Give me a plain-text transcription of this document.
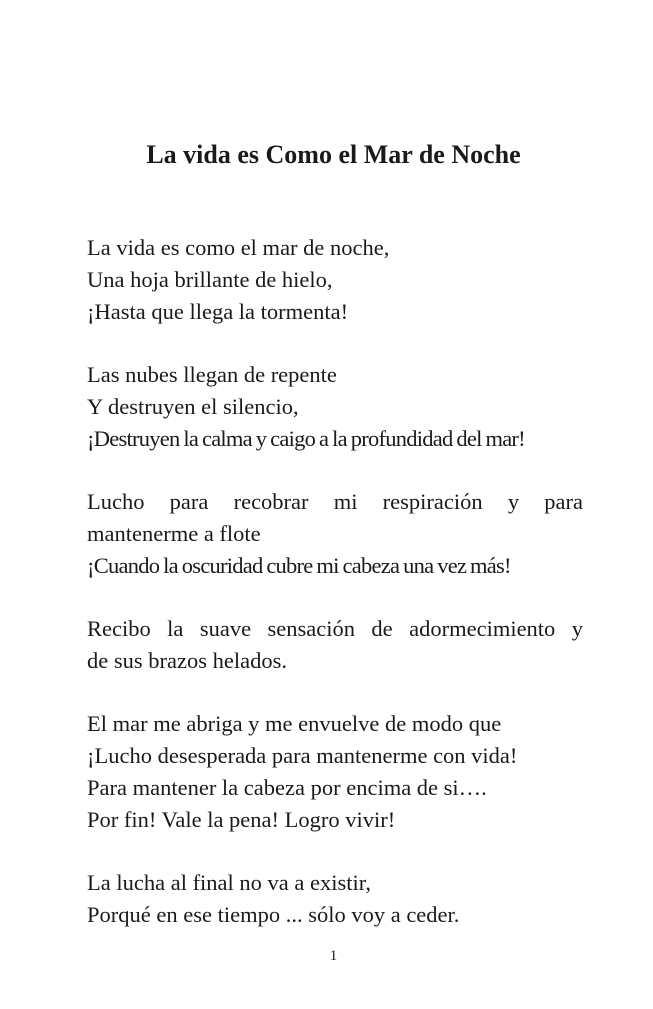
La vida es Como el Mar de Noche
La vida es como el mar de noche,
Una hoja brillante de hielo,
¡Hasta que llega la tormenta!
Las nubes llegan de repente
Y destruyen el silencio,
¡Destruyen la calma y caigo a la profundidad del mar!
Lucho para recobrar mi respiración y para
mantenerme a flote
¡Cuando la oscuridad cubre mi cabeza una vez más!
Recibo la suave sensación de adormecimiento y
de sus brazos helados.
El mar me abriga y me envuelve de modo que
¡Lucho desesperada para mantenerme con vida!
Para mantener la cabeza por encima de si….
Por fin! Vale la pena! Logro vivir!
La lucha al final no va a existir,
Porqué en ese tiempo ... sólo voy a ceder.
1
